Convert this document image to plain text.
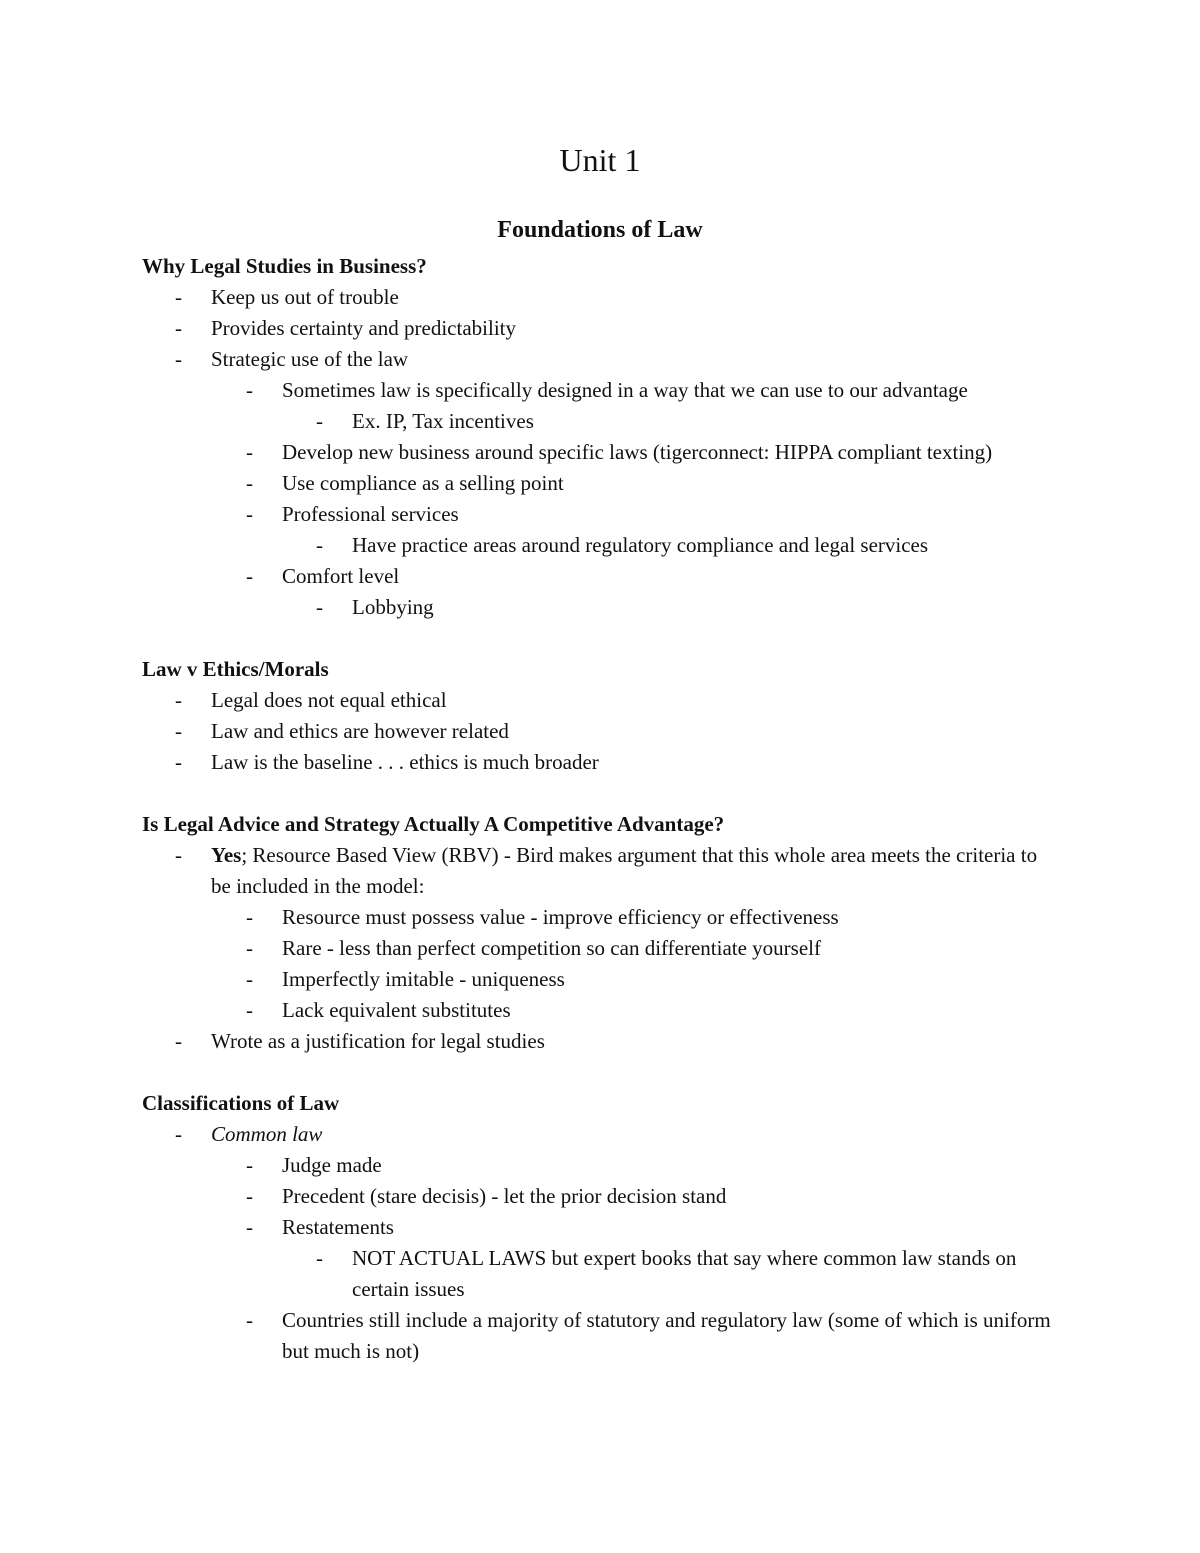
Unit 1
Foundations of Law

Why Legal Studies in Business?

- Keep us out of trouble
- Provides certainty and predictability
- Strategic use of the law
- Sometimes law is specifically designed in a way that we can use to our advantage
- Ex. IP, Tax incentives
- Develop new business around specific laws (tigerconnect: HIPPA compliant texting)
- Use compliance as a selling point
- Professional services
- Have practice areas around regulatory compliance and legal services
- Comfort level
- Lobbying

Law v Ethics/Morals

- Legal does not equal ethical
- Law and ethics are however related
- Law is the baseline . . . ethics is much broader

Is Legal Advice and Strategy Actually A Competitive Advantage?

- Yes; Resource Based View (RBV) - Bird makes argument that this whole area meets the criteria to be included in the model:
- Resource must possess value - improve efficiency or effectiveness
- Rare - less than perfect competition so can differentiate yourself
- Imperfectly imitable - uniqueness
- Lack equivalent substitutes
- Wrote as a justification for legal studies

Classifications of Law

- Common law
- Judge made
- Precedent (stare decisis) - let the prior decision stand
- Restatements
- NOT ACTUAL LAWS but expert books that say where common law stands on certain issues
- Countries still include a majority of statutory and regulatory law (some of which is uniform but much is not)
